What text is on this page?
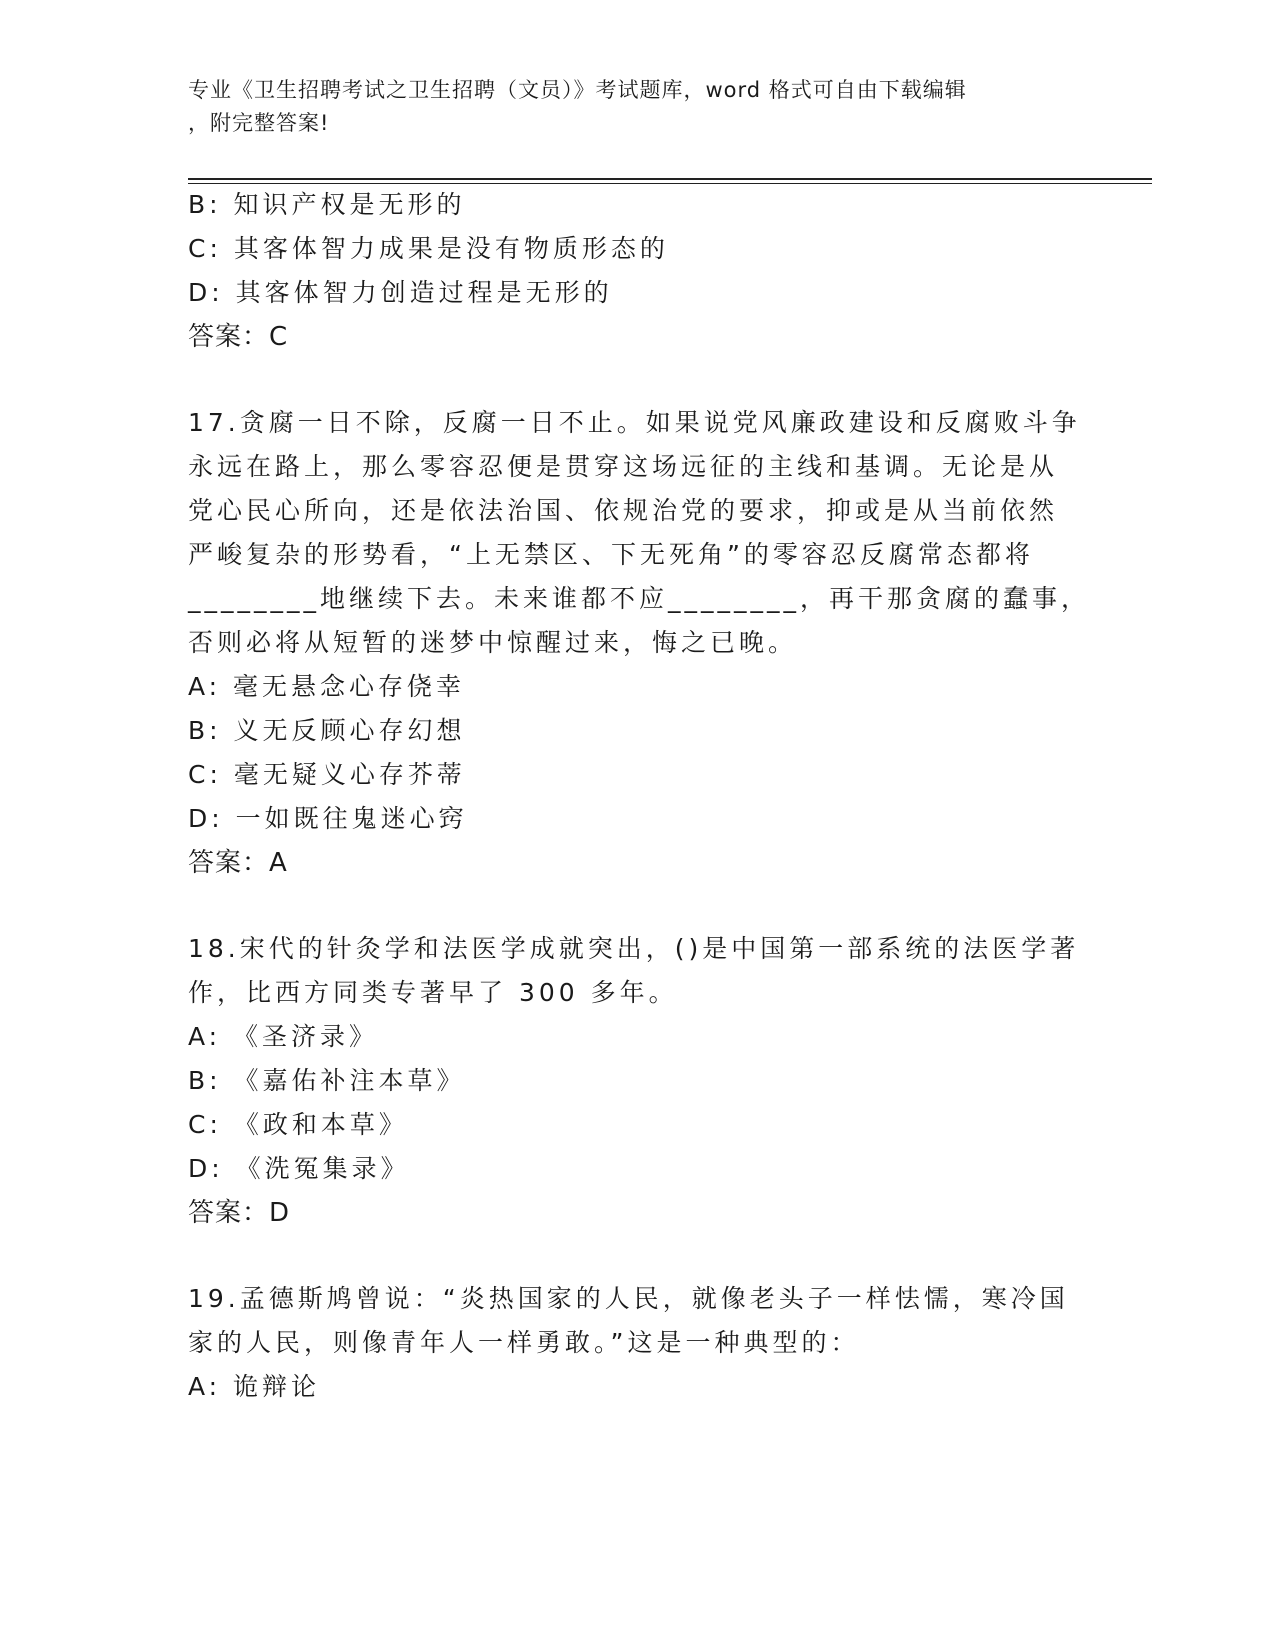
专业《卫生招聘考试之卫生招聘（文员）》考试题库，word 格式可自由下载编辑
，附完整答案!
B: 知识产权是无形的
C: 其客体智力成果是没有物质形态的
D: 其客体智力创造过程是无形的
答案：C
17.贪腐一日不除，反腐一日不止。如果说党风廉政建设和反腐败斗争
永远在路上，那么零容忍便是贯穿这场远征的主线和基调。无论是从
党心民心所向，还是依法治国、依规治党的要求，抑或是从当前依然
严峻复杂的形势看，“上无禁区、下无死角”的零容忍反腐常态都将
________地继续下去。未来谁都不应________，再干那贪腐的蠢事，
否则必将从短暂的迷梦中惊醒过来，悔之已晚。
A: 毫无悬念心存侥幸
B: 义无反顾心存幻想
C: 毫无疑义心存芥蒂
D: 一如既往鬼迷心窍
答案：A
18.宋代的针灸学和法医学成就突出，()是中国第一部系统的法医学著
作，比西方同类专著早了 300 多年。
A: 《圣济录》
B: 《嘉佑补注本草》
C: 《政和本草》
D: 《洗冤集录》
答案：D
19.孟德斯鸠曾说：“炎热国家的人民，就像老头子一样怯懦，寒冷国
家的人民，则像青年人一样勇敢。”这是一种典型的：
A: 诡辩论
